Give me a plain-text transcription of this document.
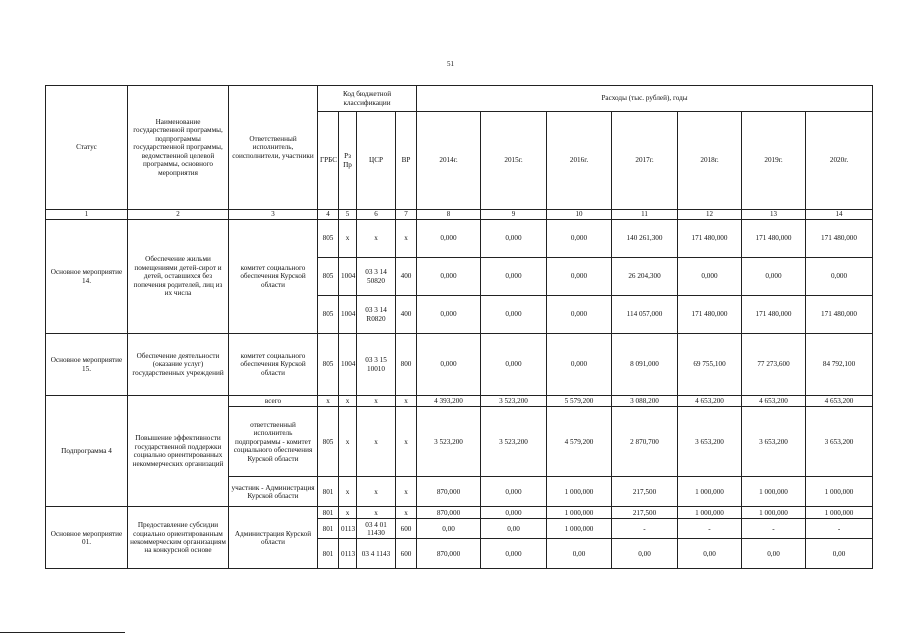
51
Статус	Наименование государственной программы, подпрограммы государственной программы, ведомственной целевой программы, основного мероприятия	Ответственный исполнитель, соисполнители, участники	Код бюджетной классификации				Расходы (тыс. рублей), годы						
			ГРБС	Рз Пр	ЦСР	ВР	2014г.	2015г.	2016г.	2017г.	2018г.	2019г.	2020г.
1	2	3	4	5	6	7	8	9	10	11	12	13	14
Основное мероприятие 14.	Обеспечение жильми помещениями детей-сирот и детей, оставшихся без попечения родителей, лиц из их числа	комитет социального обеспечения Курской области	805	х	х	х	0,000	0,000	0,000	140 261,300	171 480,000	171 480,000	171 480,000
			805	1004	03 3 14 50820	400	0,000	0,000	0,000	26 204,300	0,000	0,000	0,000
			805	1004	03 3 14 R0820	400	0,000	0,000	0,000	114 057,000	171 480,000	171 480,000	171 480,000
Основное мероприятие 15.	Обеспечение деятельности (оказание услуг) государственных учреждений	комитет социального обеспечения Курской области	805	1004	03 3 15 10010	800	0,000	0,000	0,000	8 091,000	69 755,100	77 273,600	84 792,100
Подпрограмма 4	Повышение эффективности государственной поддержки социально ориентированных некоммерческих организаций	всего	х	х	х	х	4 393,200	3 523,200	5 579,200	3 088,200	4 653,200	4 653,200	4 653,200
		ответственный исполнитель подпрограммы - комитет социального обеспечения Курской области	805	х	х	х	3 523,200	3 523,200	4 579,200	2 870,700	3 653,200	3 653,200	3 653,200
		участник - Администрация Курской области	801	х	х	х	870,000	0,000	1 000,000	217,500	1 000,000	1 000,000	1 000,000
Основное мероприятие 01.	Предоставление субсидии социально ориентированным некоммерческим организациям на конкурсной основе	Администрация Курской области	801	х	х	х	870,000	0,000	1 000,000	217,500	1 000,000	1 000,000	1 000,000
			801	0113	03 4 01 11430	600	0,00	0,00	1 000,000	-	-	-	-
			801	0113	03 4 1143	600	870,000	0,000	0,00	0,00	0,00	0,00	0,00
